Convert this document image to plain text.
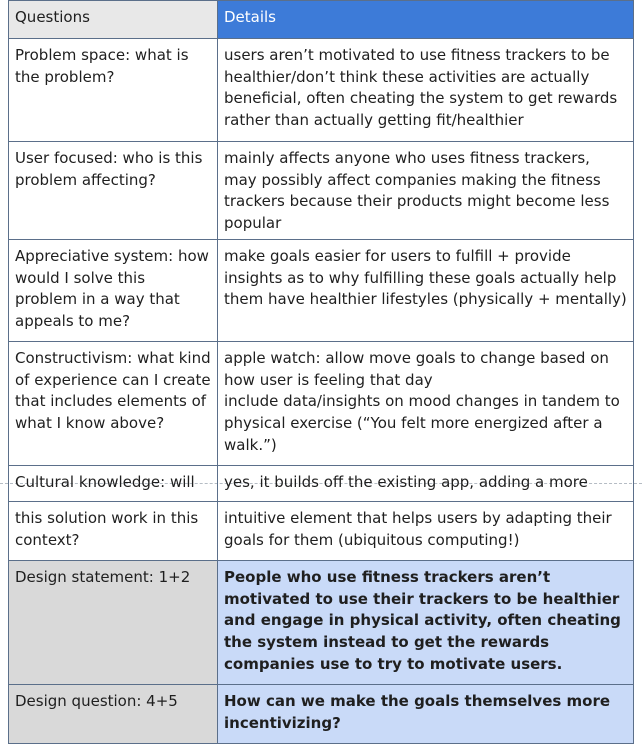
Questions	Details
Problem space: what is the problem?	users aren’t motivated to use fitness trackers to be healthier/don’t think these activities are actually beneficial, often cheating the system to get rewards rather than actually getting fit/healthier
User focused: who is this problem affecting?	mainly affects anyone who uses fitness trackers, may possibly affect companies making the fitness trackers because their products might become less popular
Appreciative system: how would I solve this problem in a way that appeals to me?	make goals easier for users to fulfill + provide insights as to why fulfilling these goals actually help them have healthier lifestyles (physically + mentally)
Constructivism: what kind of experience can I create that includes elements of what I know above?	apple watch: allow move goals to change based on how user is feeling that day
include data/insights on mood changes in tandem to physical exercise (“You felt more energized after a walk.”)

Cultural knowledge: will	yes, it builds off the existing app, adding a more
this solution work in this context?	intuitive element that helps users by adapting their goals for them (ubiquitous computing!)
Design statement: 1+2	People who use fitness trackers aren’t motivated to use their trackers to be healthier and engage in physical activity, often cheating the system instead to get the rewards companies use to try to motivate users.
Design question: 4+5	How can we make the goals themselves more incentivizing?
